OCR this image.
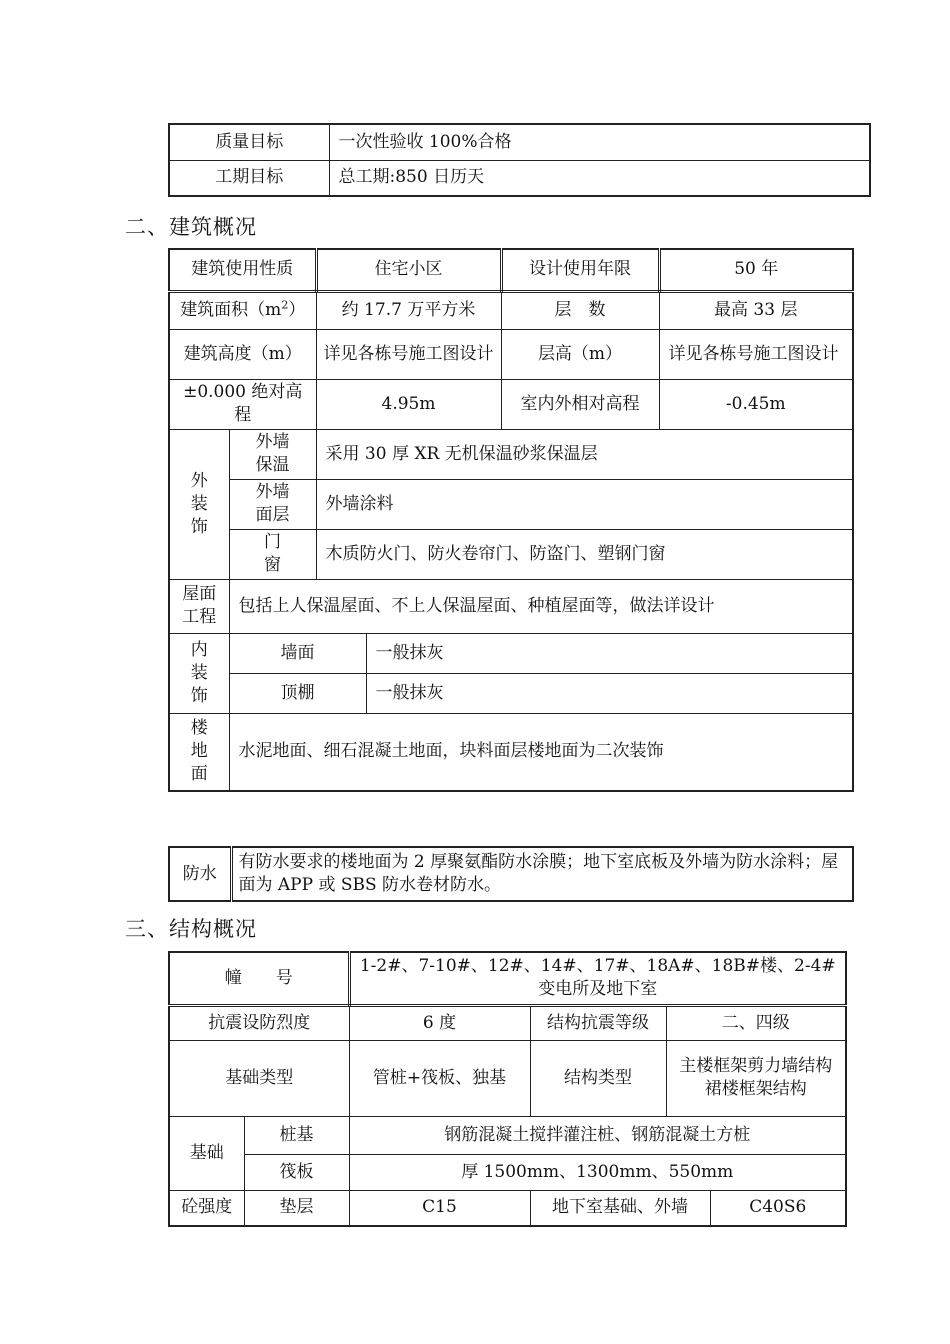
质量目标	一次性验收 100%合格
工期目标	总工期:850 日历天
二、建筑概况
建筑使用性质		住宅小区		设计使用年限	50 年
建筑面积$(m^2)$		约 17.7 万平方米		层　数	最高 33 层
建筑高度（m）		详见各栋号施工图设计		层高（m）	详见各栋号施工图设计
±0.000 绝对高程		4.95m		室内外相对高程	-0.45m
外装饰	外墙保温	采用 30 厚 XR 无机保温砂浆保温层			
	外墙面层	外墙涂料			
	门窗	木质防火门、防火卷帘门、防盗门、塑钢门窗			
屋面工程	包括上人保温屋面、不上人保温屋面、种植屋面等，做法详设计				
内装饰	墙面		一般抹灰		
	顶棚		一般抹灰		
楼地面	水泥地面、细石混凝土地面，块料面层楼地面为二次装饰				
防水	有防水要求的楼地面为 2 厚聚氨酯防水涂膜；地下室底板及外墙为防水涂料；屋面为 APP 或 SBS 防水卷材防水。
三、结构概况
幢　　号		1-2#、7-10#、12#、14#、17#、18A#、18B#楼、2-4#变电所及地下室			
抗震设防烈度		6 度	结构抗震等级	二、四级	
基础类型		管桩+筏板、独基	结构类型	主楼框架剪力墙结构
裙楼框架结构	

基础	桩基	钢筋混凝土搅拌灌注桩、钢筋混凝土方桩			
	筏板	厚 1500mm、1300mm、550mm			
砼强度	垫层	C15	地下室基础、外墙		C40S6
